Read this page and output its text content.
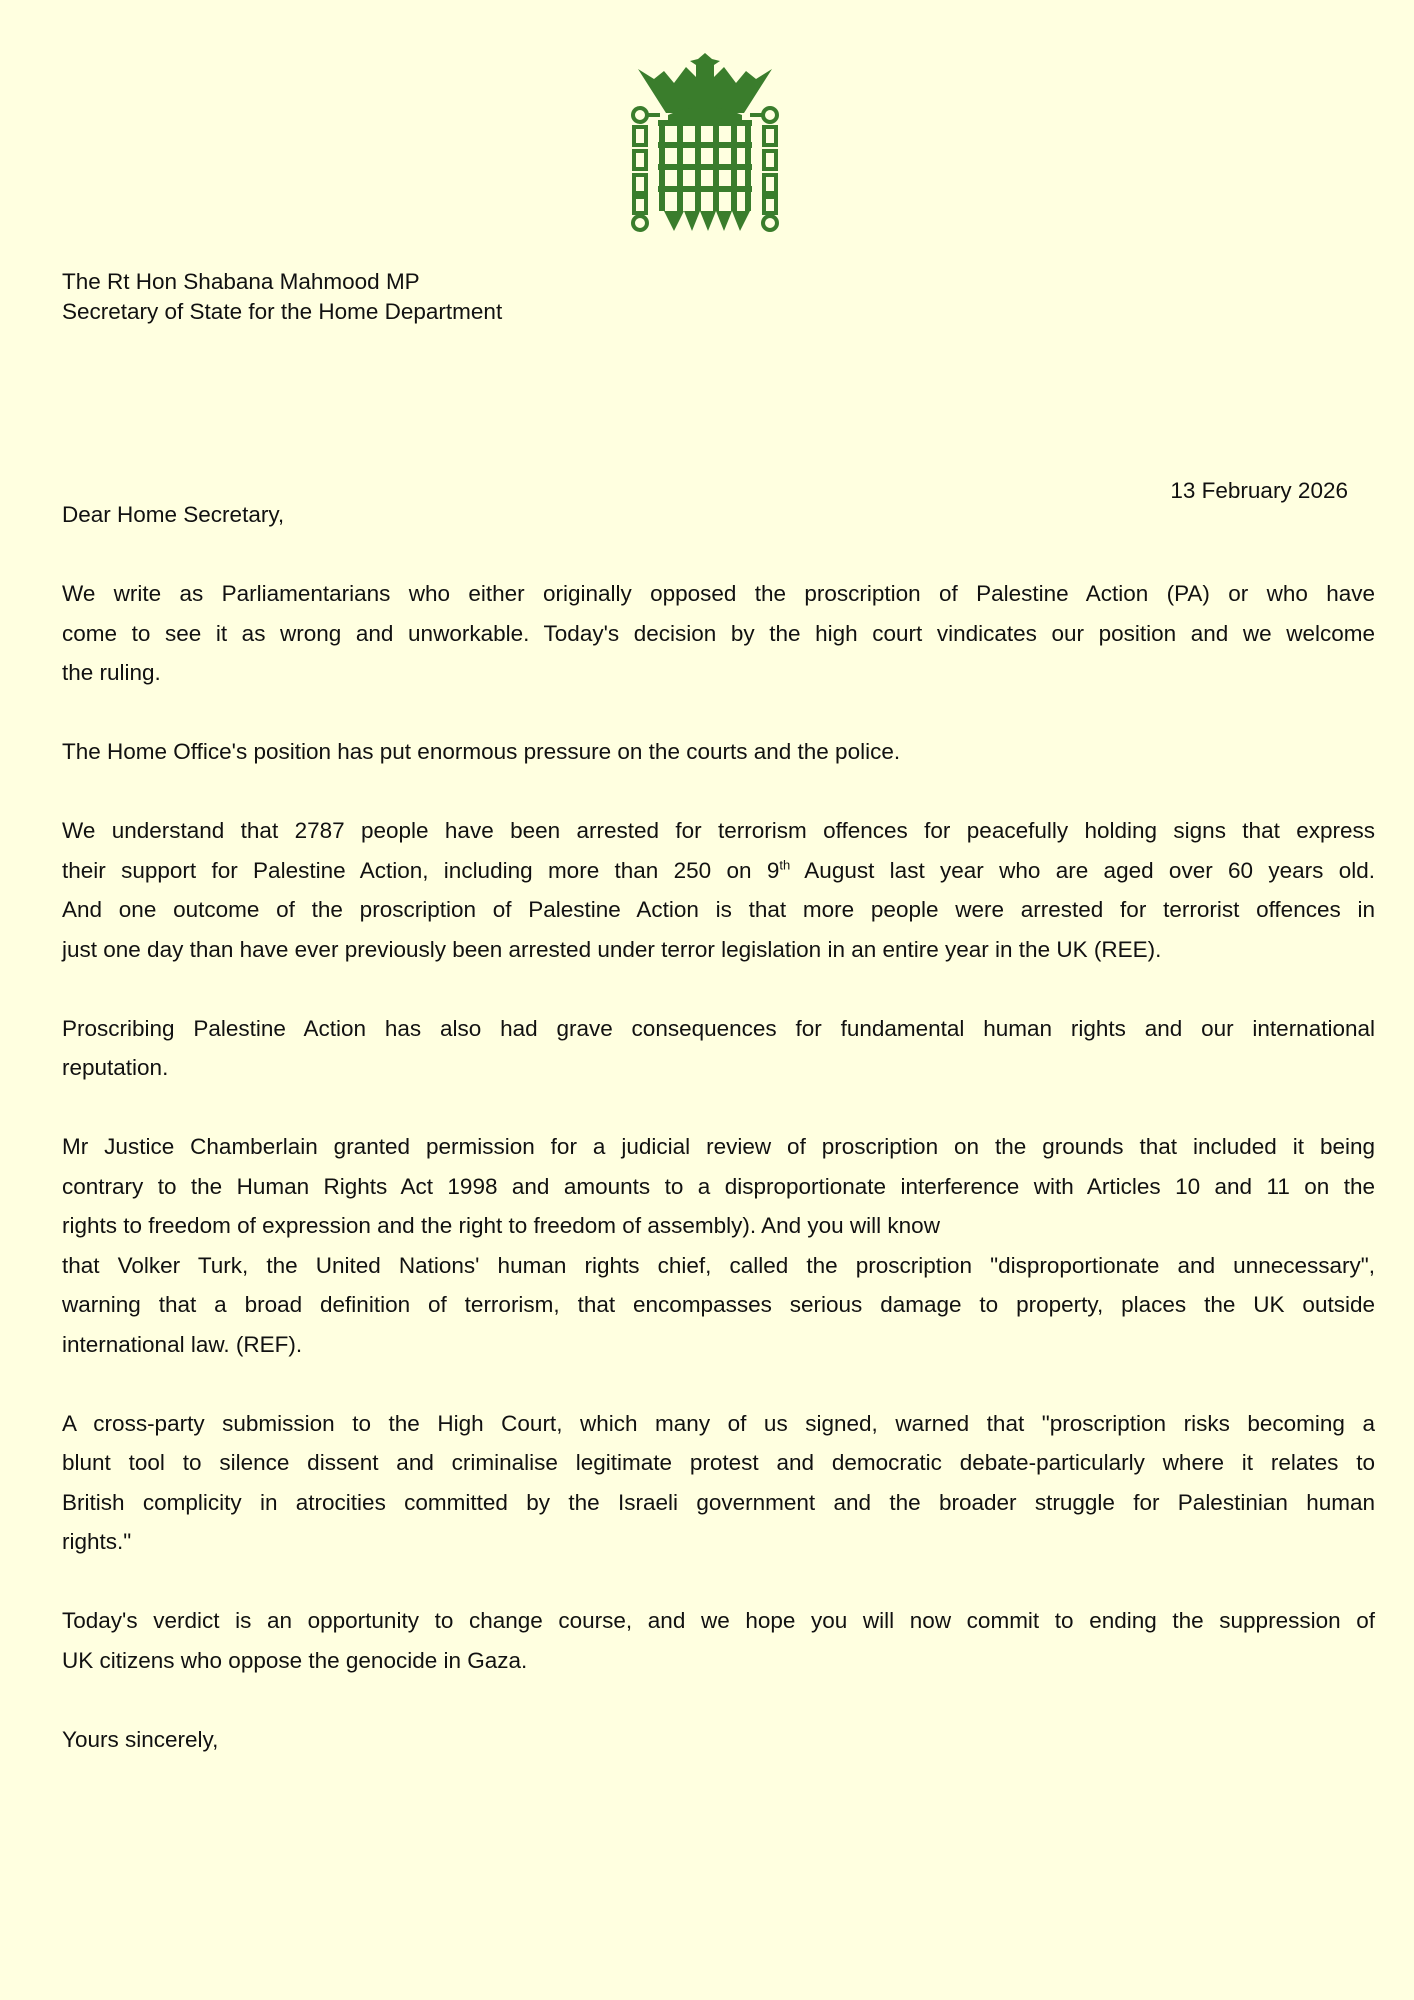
The Rt Hon Shabana Mahmood MP
Secretary of State for the Home Department
13 February 2026
Dear Home Secretary,
We write as Parliamentarians who either originally opposed the proscription of Palestine Action (PA) or who have
come to see it as wrong and unworkable. Today's decision by the high court vindicates our position and we welcome
the ruling.
The Home Office's position has put enormous pressure on the courts and the police.
We understand that 2787 people have been arrested for terrorism offences for peacefully holding signs that express
their support for Palestine Action, including more than 250 on 9th August last year who are aged over 60 years old.
And one outcome of the proscription of Palestine Action is that more people were arrested for terrorist offences in
just one day than have ever previously been arrested under terror legislation in an entire year in the UK (REE).
Proscribing Palestine Action has also had grave consequences for fundamental human rights and our international
reputation.
Mr Justice Chamberlain granted permission for a judicial review of proscription on the grounds that included it being
contrary to the Human Rights Act 1998 and amounts to a disproportionate interference with Articles 10 and 11 on the
rights to freedom of expression and the right to freedom of assembly). And you will know
that Volker Turk, the United Nations' human rights chief, called the proscription "disproportionate and unnecessary",
warning that a broad definition of terrorism, that encompasses serious damage to property, places the UK outside
international law. (REF).
A cross-party submission to the High Court, which many of us signed, warned that "proscription risks becoming a
blunt tool to silence dissent and criminalise legitimate protest and democratic debate-particularly where it relates to
British complicity in atrocities committed by the Israeli government and the broader struggle for Palestinian human
rights."
Today's verdict is an opportunity to change course, and we hope you will now commit to ending the suppression of
UK citizens who oppose the genocide in Gaza.
Yours sincerely,
